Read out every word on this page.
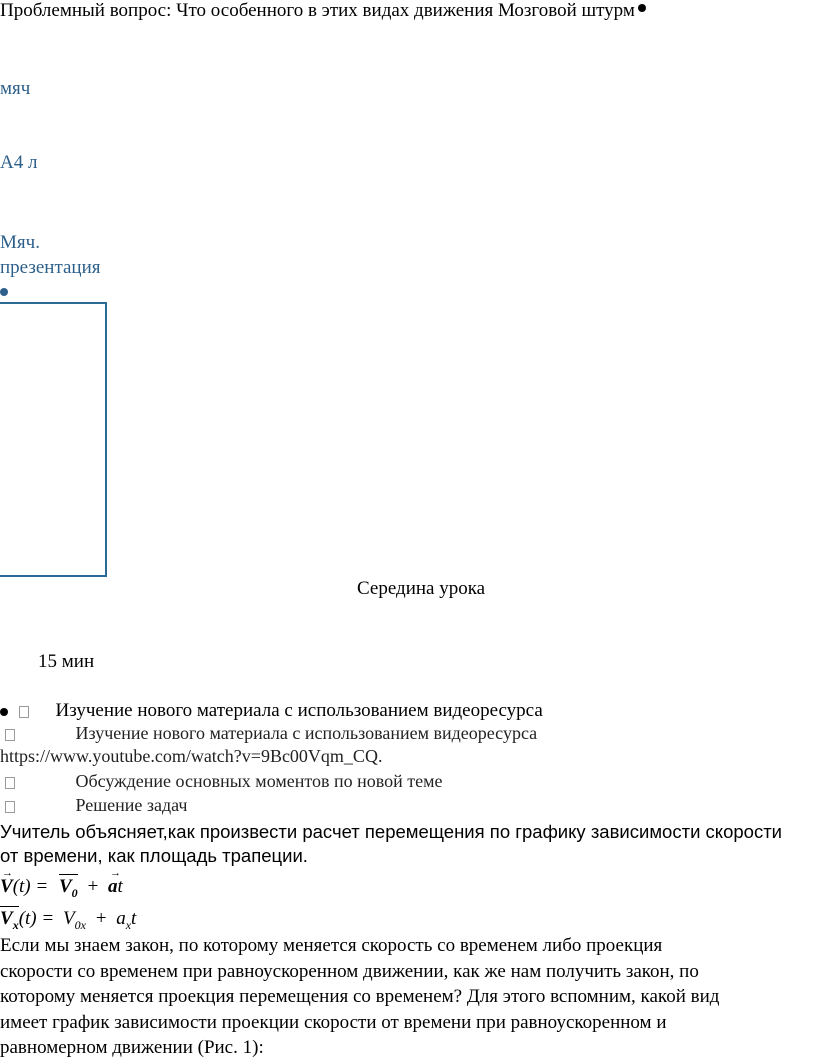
Проблемный вопрос: Что особенного в этих видах движения Мозговой штурм
мяч
А4 л
Мяч.
презентация
Середина урока
15 мин
Изучение нового материала с использованием видеоресурса
Изучение нового материала с использованием видеоресурса
https://www.youtube.com/watch?v=9Bc00Vqm_CQ.
Обсуждение основных моментов по новой теме
Решение задач
Учитель объясняет,как произвести расчет перемещения по графику зависимости скорости
от времени, как площадь трапеции.
→
$V(t) = V_0$ +
→
at
$V_x(t) = V_{0x} + a_xt$
Если мы знаем закон, по которому меняется скорость со временем либо проекция
скорости со временем при равноускоренном движении, как же нам получить закон, по
которому меняется проекция перемещения со временем? Для этого вспомним, какой вид
имеет график зависимости проекции скорости от времени при равноускоренном и
равномерном движении (Рис. 1):
